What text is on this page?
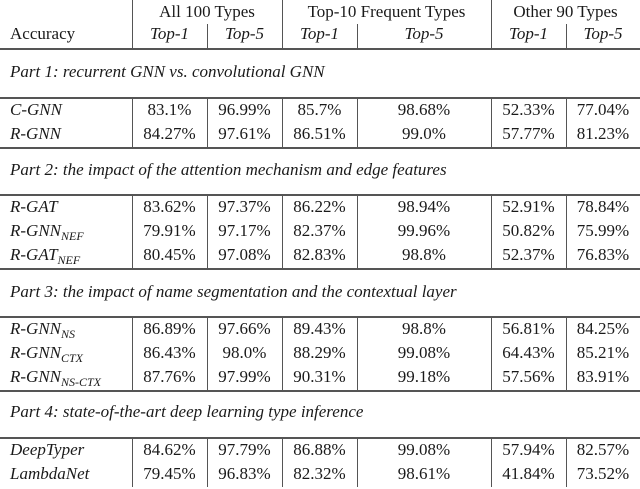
Accuracy
All 100 Types	Top-10 Frequent Types	Other 90 Types
Top-1	Top-5	Top-1	Top-5	Top-1	Top-5
Part 1: recurrent GNN vs. convolutional GNN
C-GNN	83.1%	96.99%	85.7%	98.68%	52.33%	77.04%
R-GNN	84.27%	97.61%	86.51%	99.0%	57.77%	81.23%
Part 2: the impact of the attention mechanism and edge features
R-GAT	83.62%	97.37%	86.22%	98.94%	52.91%	78.84%
$R-GNN_{NEF}$	79.91%	97.17%	82.37%	99.96%	50.82%	75.99%
$R-GAT_{NEF}$	80.45%	97.08%	82.83%	98.8%	52.37%	76.83%
Part 3: the impact of name segmentation and the contextual layer
$R-GNN_{NS}$	86.89%	97.66%	89.43%	98.8%	56.81%	84.25%
$R-GNN_{CTX}$	86.43%	98.0%	88.29%	99.08%	64.43%	85.21%
$R-GNN_{NS-CTX}$	87.76%	97.99%	90.31%	99.18%	57.56%	83.91%
Part 4: state-of-the-art deep learning type inference
DeepTyper	84.62%	97.79%	86.88%	99.08%	57.94%	82.57%
LambdaNet	79.45%	96.83%	82.32%	98.61%	41.84%	73.52%
